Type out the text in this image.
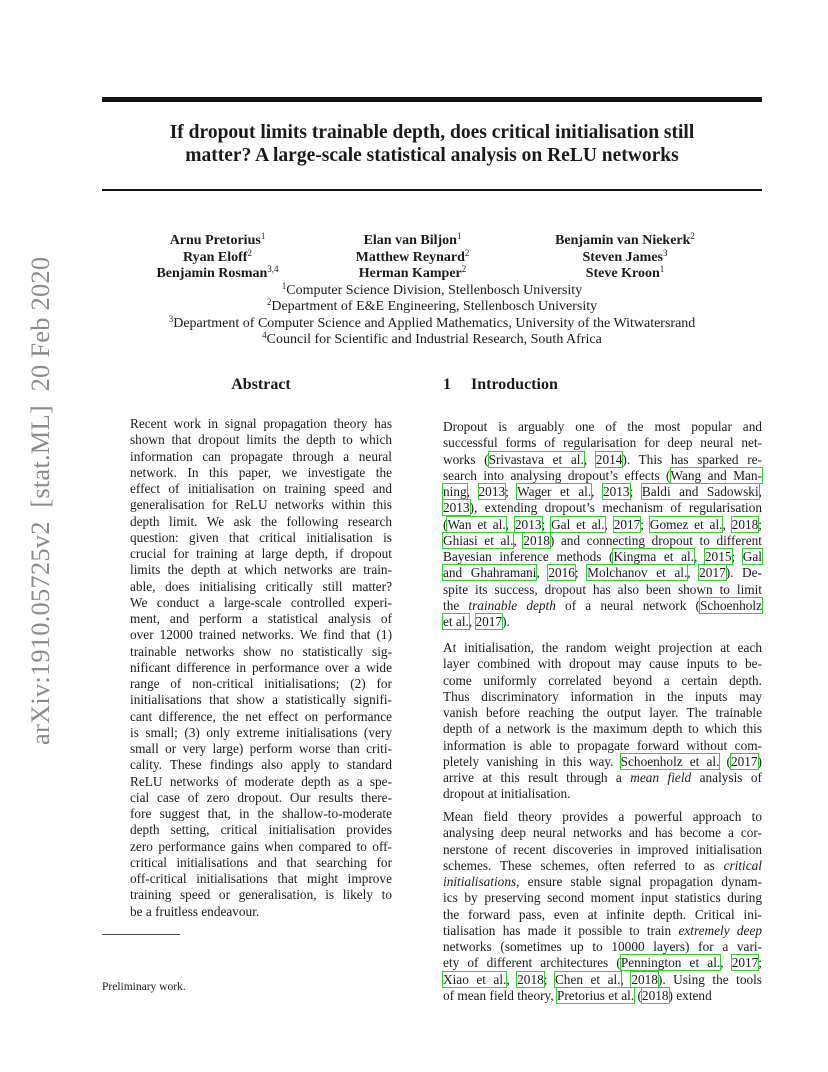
arXiv:1910.05725v2  [stat.ML]  20 Feb 2020
If dropout limits trainable depth, does critical initialisation still
matter? A large-scale statistical analysis on ReLU networks
Arnu Pretorius$^1$	Elan van Biljon$^1$	Benjamin van Niekerk$^2$
Ryan Eloff$^2$	Matthew Reynard$^2$	Steven James$^3$
Benjamin Rosman$^{3,4}$	Herman Kamper$^2$	Steve Kroon$^1$
$^1$Computer Science Division, Stellenbosch University
$^2$Department of E&E Engineering, Stellenbosch University
$^3$Department of Computer Science and Applied Mathematics, University of the Witwatersrand
$^4$Council for Scientific and Industrial Research, South Africa
Abstract
Recent work in signal propagation theory has
shown that dropout limits the depth to which
information can propagate through a neural
network. In this paper, we investigate the
effect of initialisation on training speed and
generalisation for ReLU networks within this
depth limit. We ask the following research
question: given that critical initialisation is
crucial for training at large depth, if dropout
limits the depth at which networks are train-
able, does initialising critically still matter?
We conduct a large-scale controlled experi-
ment, and perform a statistical analysis of
over 12000 trained networks. We find that (1)
trainable networks show no statistically sig-
nificant difference in performance over a wide
range of non-critical initialisations; (2) for
initialisations that show a statistically signifi-
cant difference, the net effect on performance
is small; (3) only extreme initialisations (very
small or very large) perform worse than criti-
cality. These findings also apply to standard
ReLU networks of moderate depth as a spe-
cial case of zero dropout. Our results there-
fore suggest that, in the shallow-to-moderate
depth setting, critical initialisation provides
zero performance gains when compared to off-
critical initialisations and that searching for
off-critical initialisations that might improve
training speed or generalisation, is likely to
be a fruitless endeavour.
1 Introduction
Dropout is arguably one of the most popular and
successful forms of regularisation for deep neural net-
works (Srivastava et al., 2014). This has sparked re-
search into analysing dropout’s effects (Wang and Man-
ning, 2013; Wager et al., 2013; Baldi and Sadowski,
2013), extending dropout’s mechanism of regularisation
(Wan et al., 2013; Gal et al., 2017; Gomez et al., 2018;
Ghiasi et al., 2018) and connecting dropout to different
Bayesian inference methods (Kingma et al., 2015; Gal
and Ghahramani, 2016; Molchanov et al., 2017). De-
spite its success, dropout has also been shown to limit
the trainable depth of a neural network (Schoenholz
et al., 2017).
At initialisation, the random weight projection at each
layer combined with dropout may cause inputs to be-
come uniformly correlated beyond a certain depth.
Thus discriminatory information in the inputs may
vanish before reaching the output layer. The trainable
depth of a network is the maximum depth to which this
information is able to propagate forward without com-
pletely vanishing in this way. Schoenholz et al. (2017)
arrive at this result through a mean field analysis of
dropout at initialisation.
Mean field theory provides a powerful approach to
analysing deep neural networks and has become a cor-
nerstone of recent discoveries in improved initialisation
schemes. These schemes, often referred to as critical
initialisations, ensure stable signal propagation dynam-
ics by preserving second moment input statistics during
the forward pass, even at infinite depth. Critical ini-
tialisation has made it possible to train extremely deep
networks (sometimes up to 10000 layers) for a vari-
ety of different architectures (Pennington et al., 2017;
Xiao et al., 2018; Chen et al., 2018). Using the tools
of mean field theory, Pretorius et al. (2018) extend
Preliminary work.
